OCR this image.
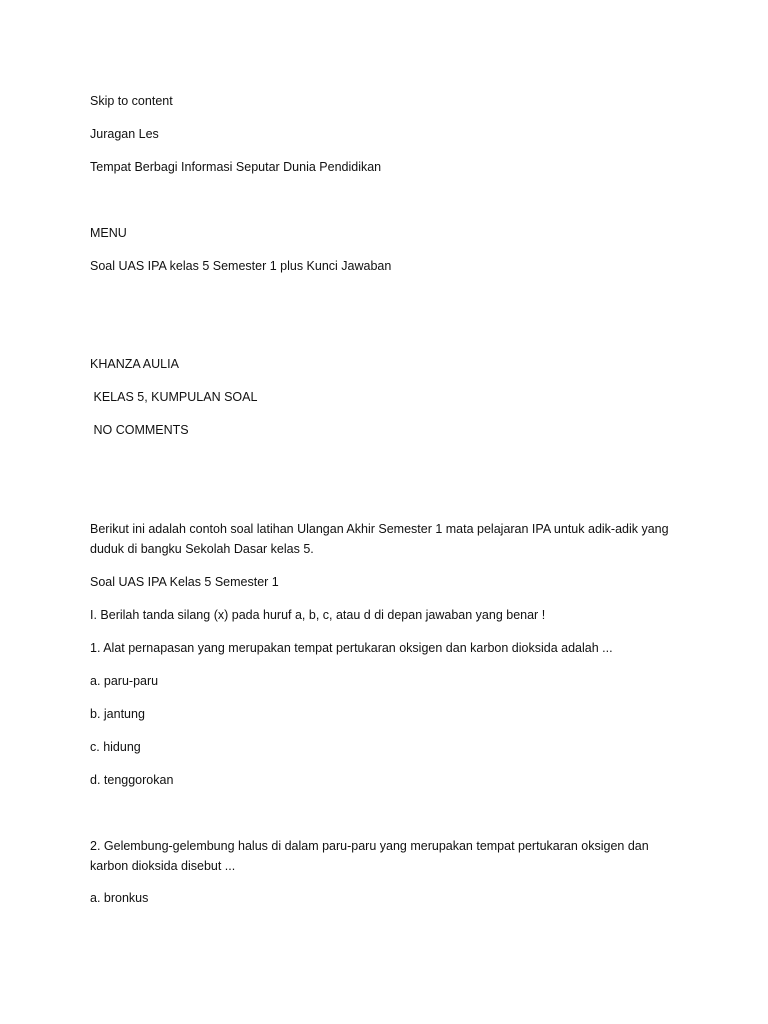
Skip to content
Juragan Les

Tempat Berbagi Informasi Seputar Dunia Pendidikan

MENU
Soal UAS IPA kelas 5 Semester 1 plus Kunci Jawaban
KHANZA AULIA
KELAS 5, KUMPULAN SOAL
NO COMMENTS

Berikut ini adalah contoh soal latihan Ulangan Akhir Semester 1 mata pelajaran IPA untuk adik-adik yang duduk di bangku Sekolah Dasar kelas 5.

Soal UAS IPA Kelas 5 Semester 1

I. Berilah tanda silang (x) pada huruf a, b, c, atau d di depan jawaban yang benar !

1. Alat pernapasan yang merupakan tempat pertukaran oksigen dan karbon dioksida adalah ...

a. paru-paru

b. jantung

c. hidung

d. tenggorokan

2. Gelembung-gelembung halus di dalam paru-paru yang merupakan tempat pertukaran oksigen dan karbon dioksida disebut ...

a. bronkus
